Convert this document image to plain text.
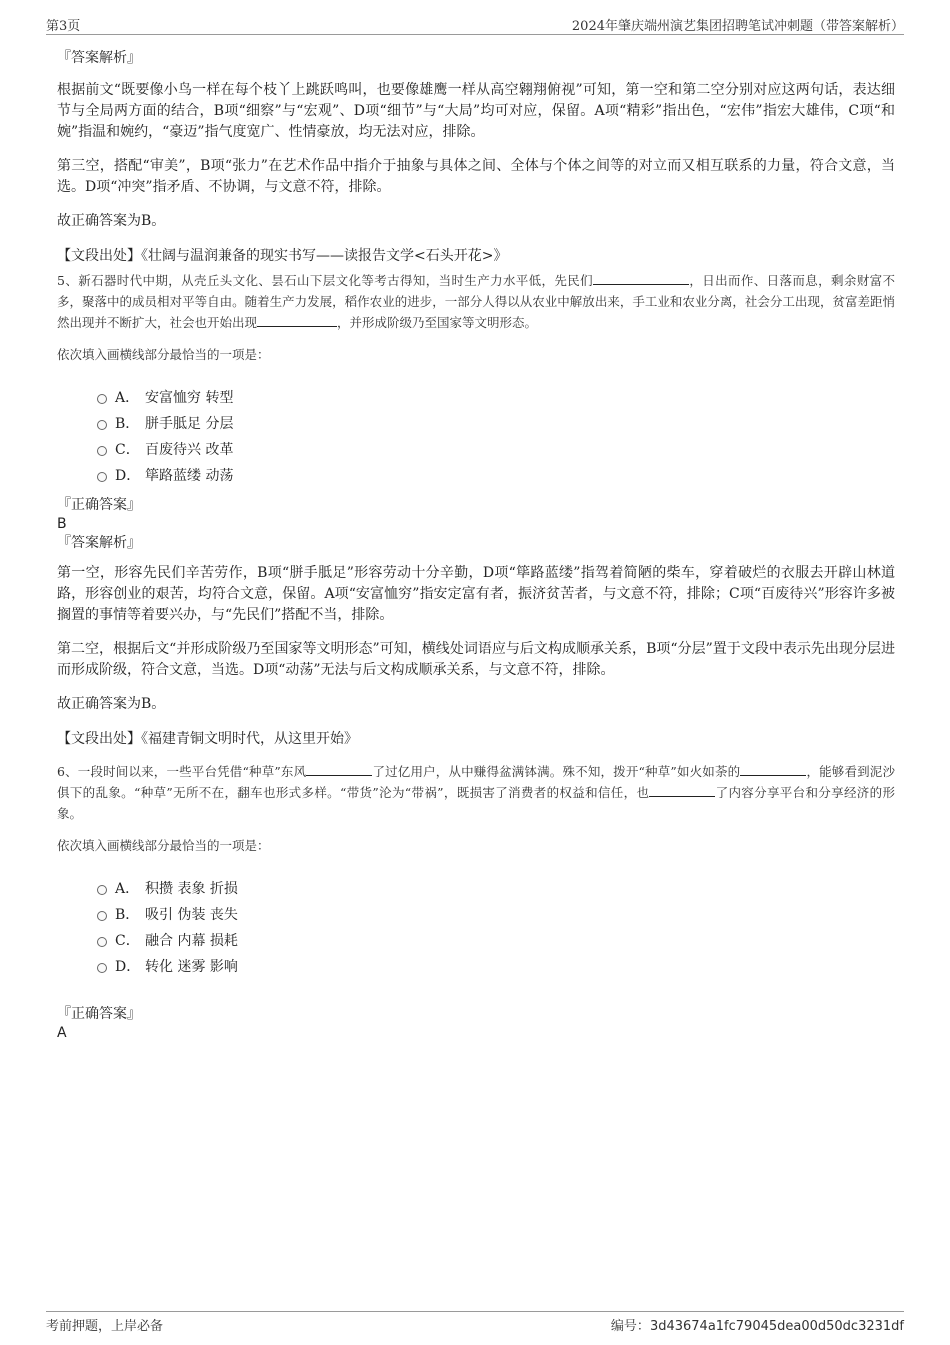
第3页	2024年肇庆端州演艺集团招聘笔试冲刺题（带答案解析）

『答案解析』

根据前文“既要像小鸟一样在每个枝丫上跳跃鸣叫，也要像雄鹰一样从高空翱翔俯视”可知，第一空和第二空分别对应这两句话，表达细节与全局两方面的结合，B项“细察”与“宏观”、D项“细节”与“大局”均可对应，保留。A项“精彩”指出色，“宏伟”指宏大雄伟，C项“和婉”指温和婉约，“豪迈”指气度宽广、性情豪放，均无法对应，排除。

第三空，搭配“审美”，B项“张力”在艺术作品中指介于抽象与具体之间、全体与个体之间等的对立而又相互联系的力量，符合文意，当选。D项“冲突”指矛盾、不协调，与文意不符，排除。

故正确答案为B。

【文段出处】《壮阔与温润兼备的现实书写——读报告文学<石头开花>》

5、新石器时代中期，从壳丘头文化、昙石山下层文化等考古得知，当时生产力水平低，先民们	，日出而作、日落而息，剩余财富不多，聚落中的成员相对平等自由。随着生产力发展，稻作农业的进步，一部分人得以从农业中解放出来，手工业和农业分离，社会分工出现，贫富差距悄然出现并不断扩大，社会也开始出现	，并形成阶级乃至国家等文明形态。

依次填入画横线部分最恰当的一项是：

A． 安富恤穷 转型
B． 胼手胝足 分层
C． 百废待兴 改革
D． 筚路蓝缕 动荡

『正确答案』

B

『答案解析』

第一空，形容先民们辛苦劳作，B项“胼手胝足”形容劳动十分辛勤，D项“筚路蓝缕”指驾着简陋的柴车，穿着破烂的衣服去开辟山林道路，形容创业的艰苦，均符合文意，保留。A项“安富恤穷”指安定富有者，振济贫苦者，与文意不符，排除；C项“百废待兴”形容许多被搁置的事情等着要兴办，与“先民们”搭配不当，排除。

第二空，根据后文“并形成阶级乃至国家等文明形态”可知，横线处词语应与后文构成顺承关系，B项“分层”置于文段中表示先出现分层进而形成阶级，符合文意，当选。D项“动荡”无法与后文构成顺承关系，与文意不符，排除。

故正确答案为B。

【文段出处】《福建青铜文明时代，从这里开始》

6、一段时间以来，一些平台凭借“种草”东风	了过亿用户，从中赚得盆满钵满。殊不知，拨开“种草”如火如荼的	，能够看到泥沙俱下的乱象。“种草”无所不在，翻车也形式多样。“带货”沦为“带祸”，既损害了消费者的权益和信任，也	了内容分享平台和分享经济的形象。

依次填入画横线部分最恰当的一项是：

A． 积攒 表象 折损
B． 吸引 伪装 丧失
C． 融合 内幕 损耗
D． 转化 迷雾 影响

『正确答案』

A

考前押题，上岸必备	编号：3d43674a1fc79045dea00d50dc3231df
